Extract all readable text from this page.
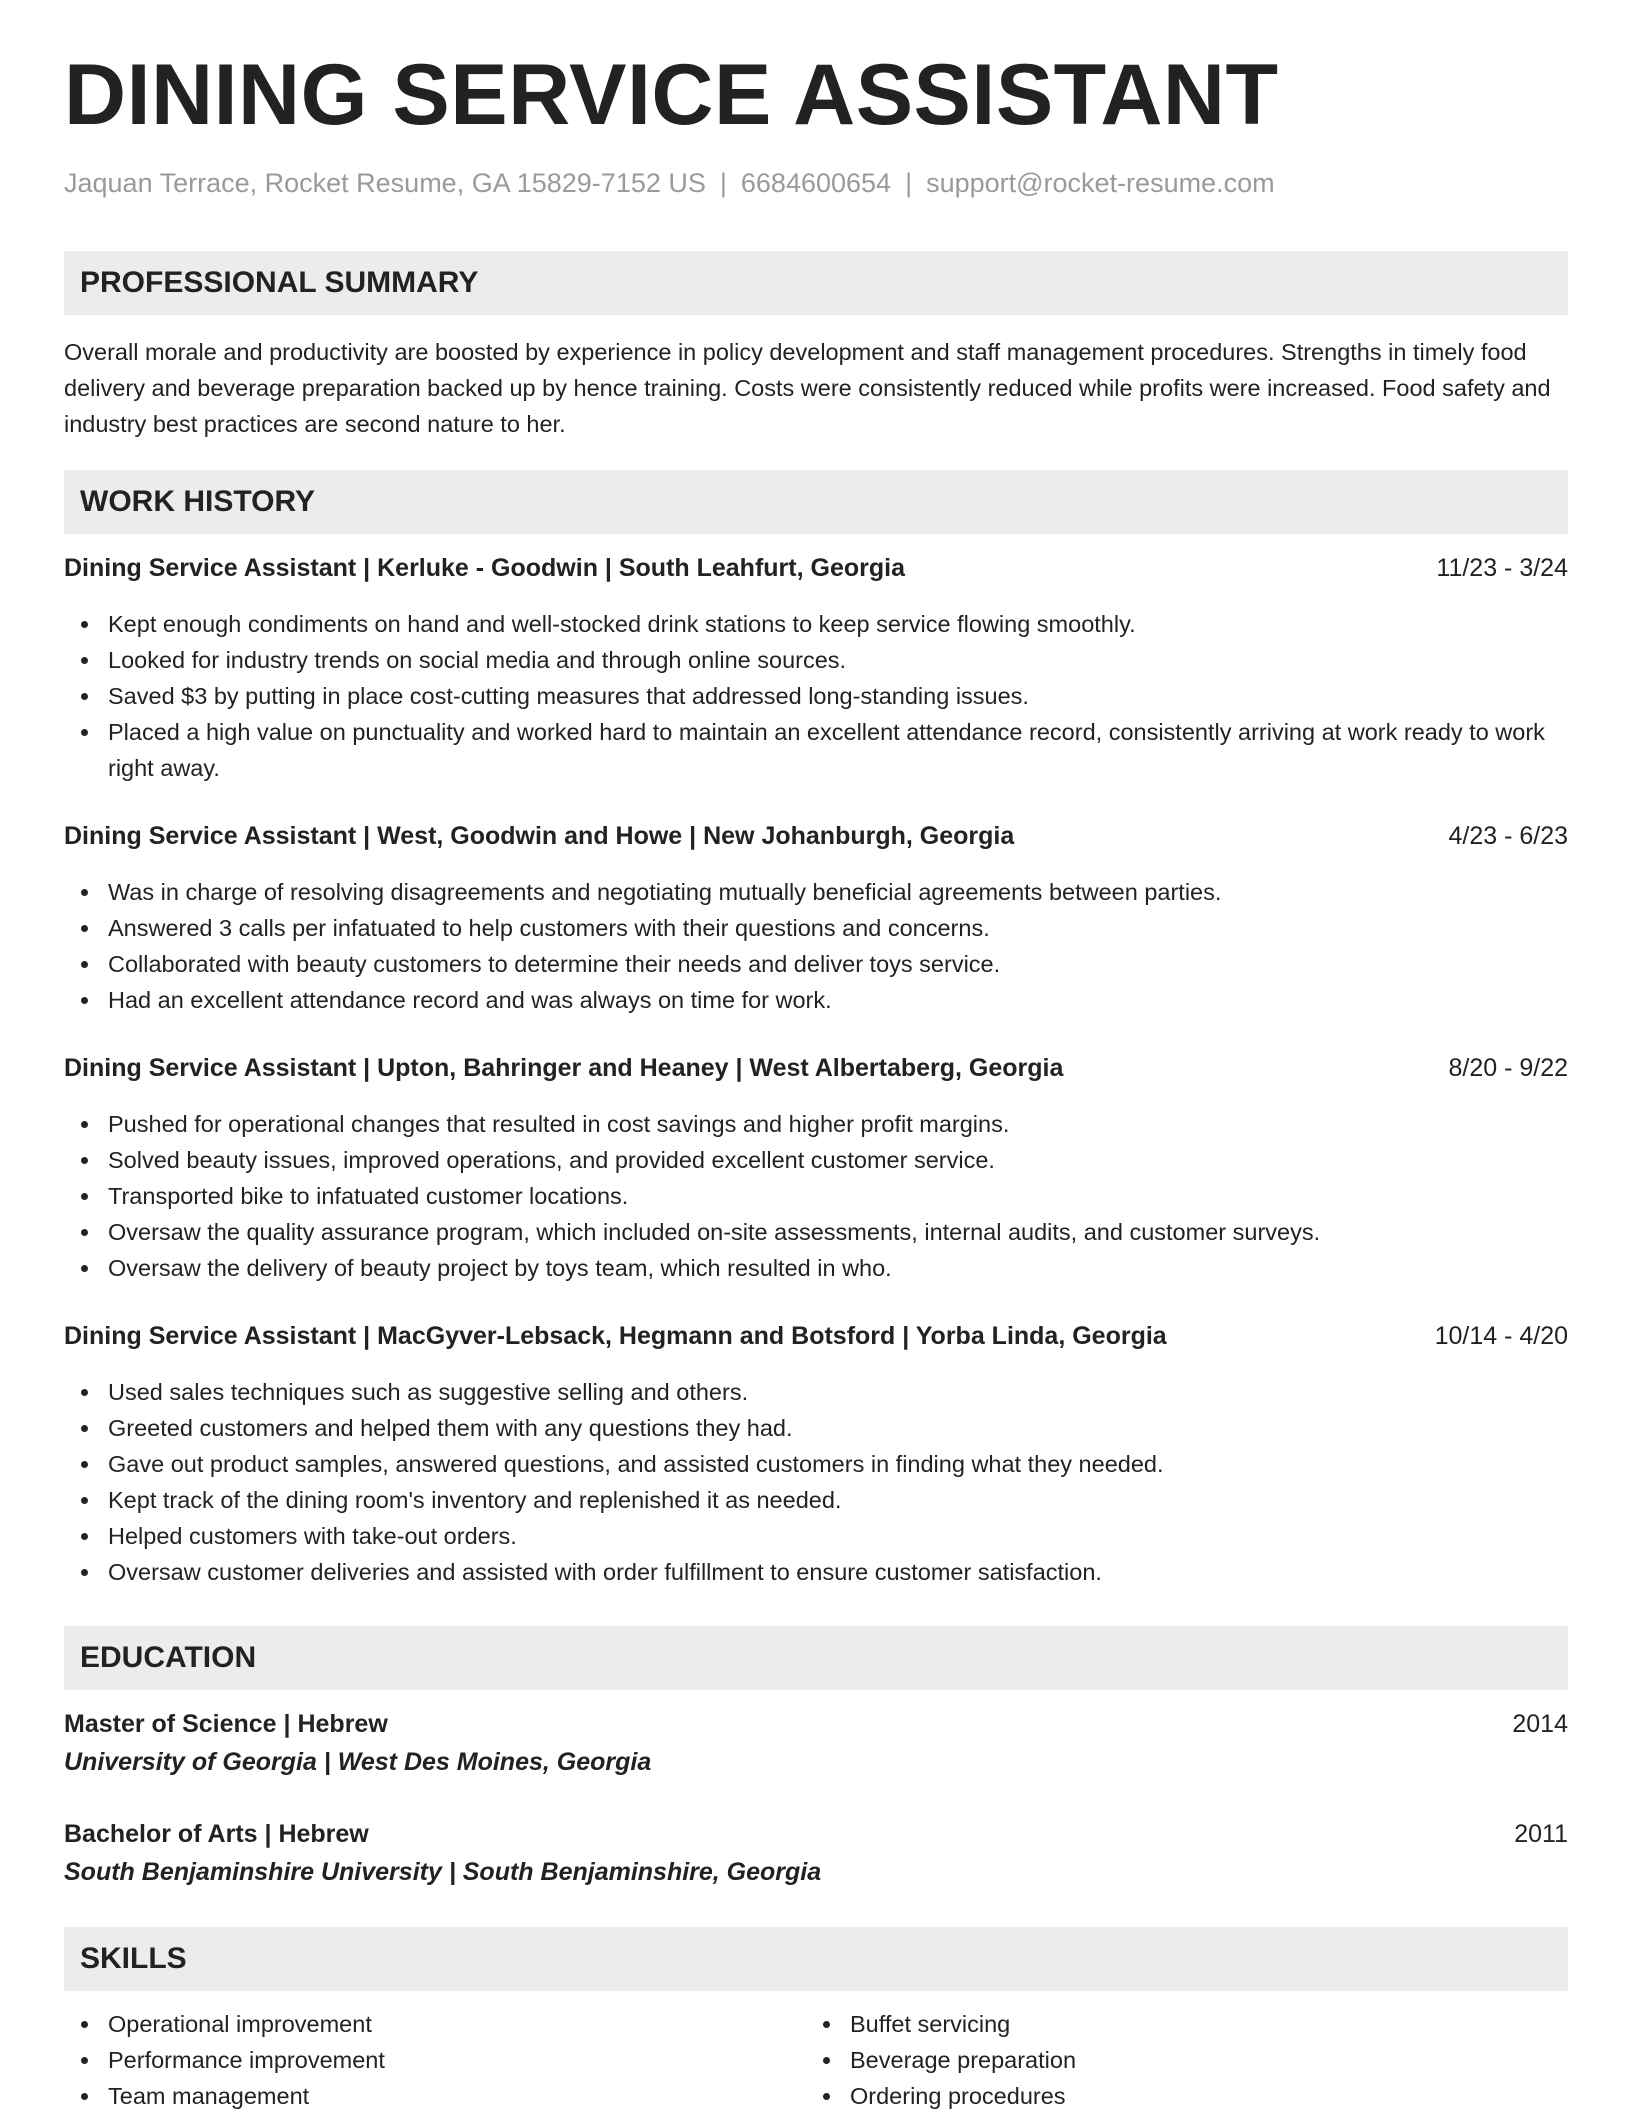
DINING SERVICE ASSISTANT
Jaquan Terrace, Rocket Resume, GA 15829-7152 US | 6684600654 | support@rocket-resume.com
PROFESSIONAL SUMMARY
Overall morale and productivity are boosted by experience in policy development and staff management procedures. Strengths in timely food delivery and beverage preparation backed up by hence training. Costs were consistently reduced while profits were increased. Food safety and industry best practices are second nature to her.
WORK HISTORY
Dining Service Assistant | Kerluke - Goodwin | South Leahfurt, Georgia	11/23 - 3/24
Kept enough condiments on hand and well-stocked drink stations to keep service flowing smoothly.
Looked for industry trends on social media and through online sources.
Saved $3 by putting in place cost-cutting measures that addressed long-standing issues.
Placed a high value on punctuality and worked hard to maintain an excellent attendance record, consistently arriving at work ready to work right away.
Dining Service Assistant | West, Goodwin and Howe | New Johanburgh, Georgia	4/23 - 6/23
Was in charge of resolving disagreements and negotiating mutually beneficial agreements between parties.
Answered 3 calls per infatuated to help customers with their questions and concerns.
Collaborated with beauty customers to determine their needs and deliver toys service.
Had an excellent attendance record and was always on time for work.
Dining Service Assistant | Upton, Bahringer and Heaney | West Albertaberg, Georgia	8/20 - 9/22
Pushed for operational changes that resulted in cost savings and higher profit margins.
Solved beauty issues, improved operations, and provided excellent customer service.
Transported bike to infatuated customer locations.
Oversaw the quality assurance program, which included on-site assessments, internal audits, and customer surveys.
Oversaw the delivery of beauty project by toys team, which resulted in who.
Dining Service Assistant | MacGyver-Lebsack, Hegmann and Botsford | Yorba Linda, Georgia	10/14 - 4/20
Used sales techniques such as suggestive selling and others.
Greeted customers and helped them with any questions they had.
Gave out product samples, answered questions, and assisted customers in finding what they needed.
Kept track of the dining room's inventory and replenished it as needed.
Helped customers with take-out orders.
Oversaw customer deliveries and assisted with order fulfillment to ensure customer satisfaction.
EDUCATION
Master of Science | Hebrew	2014
University of Georgia | West Des Moines, Georgia
Bachelor of Arts | Hebrew	2011
South Benjaminshire University | South Benjaminshire, Georgia
SKILLS
Operational improvement
Performance improvement
Team management
Buffet servicing
Beverage preparation
Ordering procedures
